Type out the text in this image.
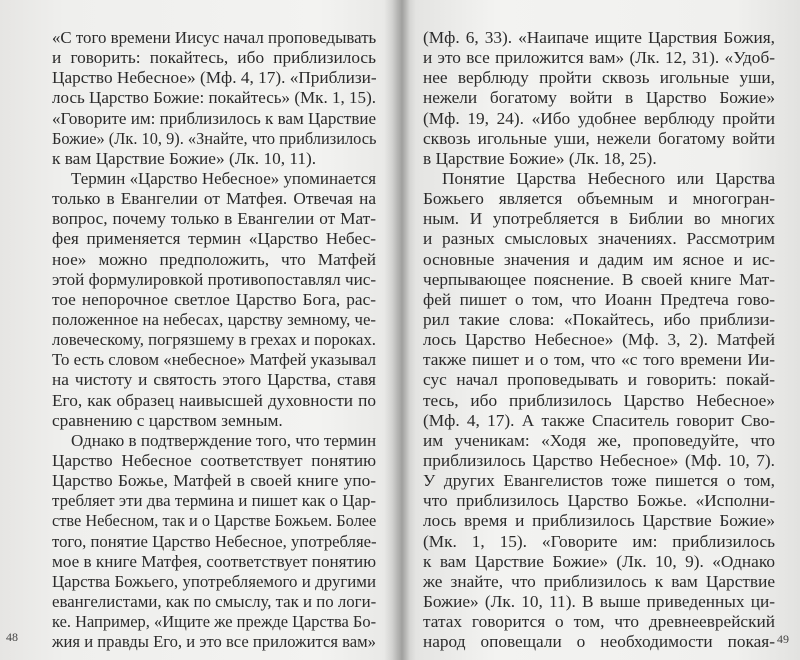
«С того времени Иисус начал проповедывать
и говорить: покайтесь, ибо приблизилось
Царство Небесное» (Мф. 4, 17). «Приблизи-
лось Царство Божие: покайтесь» (Мк. 1, 15).
«Говорите им: приблизилось к вам Царствие
Божие» (Лк. 10, 9). «Знайте, что приблизилось
к вам Царствие Божие» (Лк. 10, 11).
Термин «Царство Небесное» упоминается
только в Евангелии от Матфея. Отвечая на
вопрос, почему только в Евангелии от Мат-
фея применяется термин «Царство Небес-
ное» можно предположить, что Матфей
этой формулировкой противопоставлял чис-
тое непорочное светлое Царство Бога, рас-
положенное на небесах, царству земному, че-
ловеческому, погрязшему в грехах и пороках.
То есть словом «небесное» Матфей указывал
на чистоту и святость этого Царства, ставя
Его, как образец наивысшей духовности по
сравнению с царством земным.
Однако в подтверждение того, что термин
Царство Небесное соответствует понятию
Царство Божье, Матфей в своей книге упо-
требляет эти два термина и пишет как о Цар-
стве Небесном, так и о Царстве Божьем. Более
того, понятие Царство Небесное, употребляе-
мое в книге Матфея, соответствует понятию
Царства Божьего, употребляемого и другими
евангелистами, как по смыслу, так и по логи-
ке. Например, «Ищите же прежде Царства Бо-
жия и правды Его, и это все приложится вам»
48
(Мф. 6, 33). «Наипаче ищите Царствия Божия,
и это все приложится вам» (Лк. 12, 31). «Удоб-
нее верблюду пройти сквозь игольные уши,
нежели богатому войти в Царство Божие»
(Мф. 19, 24). «Ибо удобнее верблюду пройти
сквозь игольные уши, нежели богатому войти
в Царствие Божие» (Лк. 18, 25).
Понятие Царства Небесного или Царства
Божьего является объемным и многогран-
ным. И употребляется в Библии во многих
и разных смысловых значениях. Рассмотрим
основные значения и дадим им ясное и ис-
черпывающее пояснение. В своей книге Мат-
фей пишет о том, что Иоанн Предтеча гово-
рил такие слова: «Покайтесь, ибо приблизи-
лось Царство Небесное» (Мф. 3, 2). Матфей
также пишет и о том, что «с того времени Ии-
сус начал проповедывать и говорить: покай-
тесь, ибо приблизилось Царство Небесное»
(Мф. 4, 17). А также Спаситель говорит Сво-
им ученикам: «Ходя же, проповедуйте, что
приблизилось Царство Небесное» (Мф. 10, 7).
У других Евангелистов тоже пишется о том,
что приблизилось Царство Божье. «Исполни-
лось время и приблизилось Царствие Божие»
(Мк. 1, 15). «Говорите им: приблизилось
к вам Царствие Божие» (Лк. 10, 9). «Однако
же знайте, что приблизилось к вам Царствие
Божие» (Лк. 10, 11). В выше приведенных ци-
татах говорится о том, что древнееврейский
народ оповещали о необходимости покая- 49
